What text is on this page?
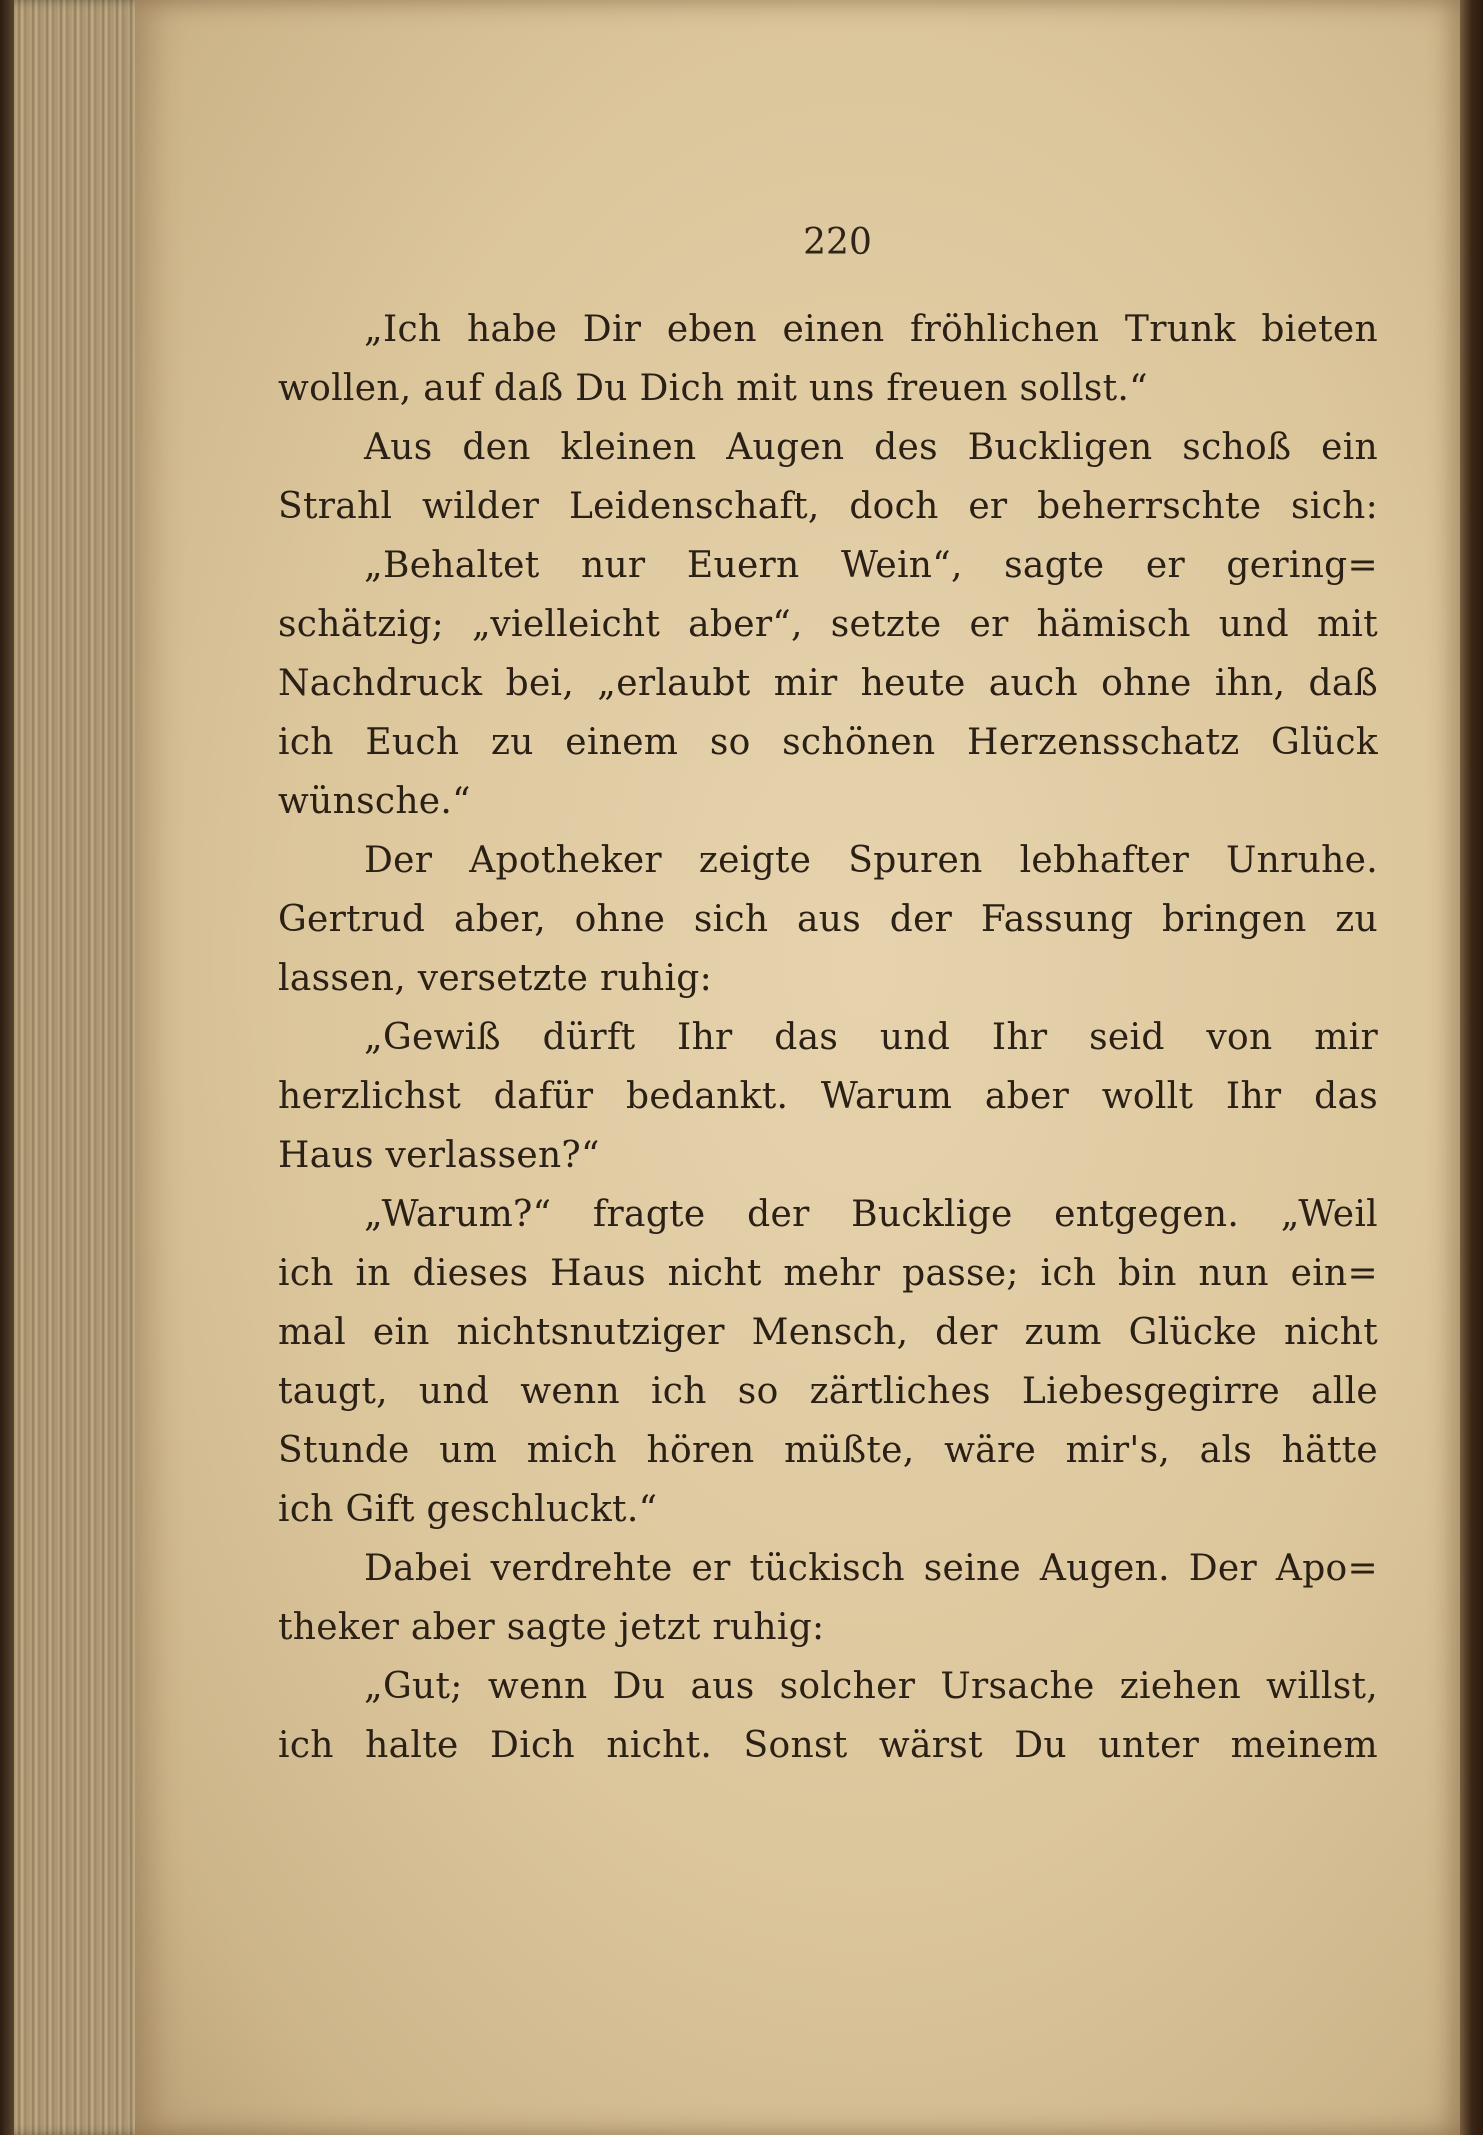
220
„Ich habe Dir eben einen fröhlichen Trunk bieten
wollen, auf daß Du Dich mit uns freuen sollst.“
Aus den kleinen Augen des Buckligen schoß ein
Strahl wilder Leidenschaft, doch er beherrschte sich:
„Behaltet nur Euern Wein“, sagte er gering=
schätzig; „vielleicht aber“, setzte er hämisch und mit
Nachdruck bei, „erlaubt mir heute auch ohne ihn, daß
ich Euch zu einem so schönen Herzensschatz Glück
wünsche.“
Der Apotheker zeigte Spuren lebhafter Unruhe.
Gertrud aber, ohne sich aus der Fassung bringen zu
lassen, versetzte ruhig:
„Gewiß dürft Ihr das und Ihr seid von mir
herzlichst dafür bedankt. Warum aber wollt Ihr das
Haus verlassen?“
„Warum?“ fragte der Bucklige entgegen. „Weil
ich in dieses Haus nicht mehr passe; ich bin nun ein=
mal ein nichtsnutziger Mensch, der zum Glücke nicht
taugt, und wenn ich so zärtliches Liebesgegirre alle
Stunde um mich hören müßte, wäre mir's, als hätte
ich Gift geschluckt.“
Dabei verdrehte er tückisch seine Augen. Der Apo=
theker aber sagte jetzt ruhig:
„Gut; wenn Du aus solcher Ursache ziehen willst,
ich halte Dich nicht. Sonst wärst Du unter meinem
